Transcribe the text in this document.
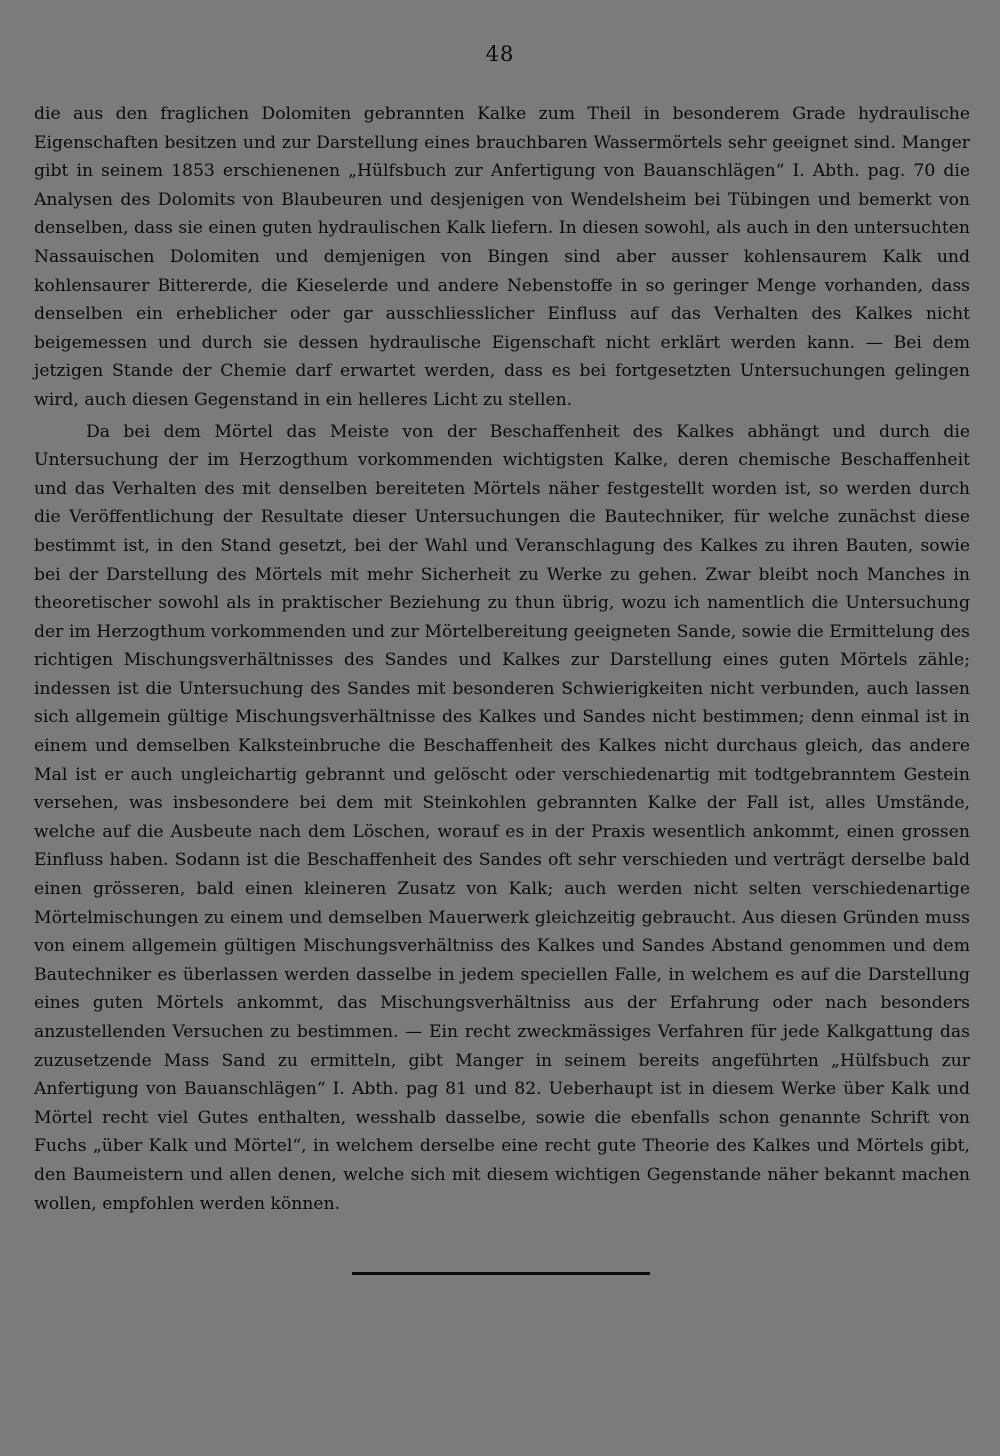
48

die aus den fraglichen Dolomiten gebrannten Kalke zum Theil in besonderem Grade hydraulische Eigenschaften besitzen und zur Darstellung eines brauchbaren Wassermörtels sehr geeignet sind. Manger gibt in seinem 1853 erschienenen „Hülfsbuch zur Anfertigung von Bauanschlägen“ I. Abth. pag. 70 die Analysen des Dolomits von Blaubeuren und desjenigen von Wendelsheim bei Tübingen und bemerkt von denselben, dass sie einen guten hydraulischen Kalk liefern. In diesen sowohl, als auch in den untersuchten Nassauischen Dolomiten und demjenigen von Bingen sind aber ausser kohlensaurem Kalk und kohlensaurer Bittererde, die Kieselerde und andere Nebenstoffe in so geringer Menge vorhanden, dass denselben ein erheblicher oder gar ausschliesslicher Einfluss auf das Verhalten des Kalkes nicht beigemessen und durch sie dessen hydraulische Eigenschaft nicht erklärt werden kann. — Bei dem jetzigen Stande der Chemie darf erwartet werden, dass es bei fortgesetzten Untersuchungen gelingen wird, auch diesen Gegenstand in ein helleres Licht zu stellen.

Da bei dem Mörtel das Meiste von der Beschaffenheit des Kalkes abhängt und durch die Untersuchung der im Herzogthum vorkommenden wichtigsten Kalke, deren chemische Beschaffenheit und das Verhalten des mit denselben bereiteten Mörtels näher festgestellt worden ist, so werden durch die Veröffentlichung der Resultate dieser Untersuchungen die Bautechniker, für welche zunächst diese bestimmt ist, in den Stand gesetzt, bei der Wahl und Veranschlagung des Kalkes zu ihren Bauten, sowie bei der Darstellung des Mörtels mit mehr Sicherheit zu Werke zu gehen. Zwar bleibt noch Manches in theoretischer sowohl als in praktischer Beziehung zu thun übrig, wozu ich namentlich die Untersuchung der im Herzogthum vorkommenden und zur Mörtelbereitung geeigneten Sande, sowie die Ermittelung des richtigen Mischungsverhältnisses des Sandes und Kalkes zur Darstellung eines guten Mörtels zähle; indessen ist die Untersuchung des Sandes mit besonderen Schwierigkeiten nicht verbunden, auch lassen sich allgemein gültige Mischungsverhältnisse des Kalkes und Sandes nicht bestimmen; denn einmal ist in einem und demselben Kalksteinbruche die Beschaffenheit des Kalkes nicht durchaus gleich, das andere Mal ist er auch ungleichartig gebrannt und gelöscht oder verschiedenartig mit todtgebranntem Gestein versehen, was insbesondere bei dem mit Steinkohlen gebrannten Kalke der Fall ist, alles Umstände, welche auf die Ausbeute nach dem Löschen, worauf es in der Praxis wesentlich ankommt, einen grossen Einfluss haben. Sodann ist die Beschaffenheit des Sandes oft sehr verschieden und verträgt derselbe bald einen grösseren, bald einen kleineren Zusatz von Kalk; auch werden nicht selten verschiedenartige Mörtelmischungen zu einem und demselben Mauerwerk gleichzeitig gebraucht. Aus diesen Gründen muss von einem allgemein gültigen Mischungsverhältniss des Kalkes und Sandes Abstand genommen und dem Bautechniker es überlassen werden dasselbe in jedem speciellen Falle, in welchem es auf die Darstellung eines guten Mörtels ankommt, das Mischungsverhältniss aus der Erfahrung oder nach besonders anzustellenden Versuchen zu bestimmen. — Ein recht zweckmässiges Verfahren für jede Kalkgattung das zuzusetzende Mass Sand zu ermitteln, gibt Manger in seinem bereits angeführten „Hülfsbuch zur Anfertigung von Bauanschlägen“ I. Abth. pag 81 und 82. Ueberhaupt ist in diesem Werke über Kalk und Mörtel recht viel Gutes enthalten, wesshalb dasselbe, sowie die ebenfalls schon genannte Schrift von Fuchs „über Kalk und Mörtel“, in welchem derselbe eine recht gute Theorie des Kalkes und Mörtels gibt, den Baumeistern und allen denen, welche sich mit diesem wichtigen Gegenstande näher bekannt machen wollen, empfohlen werden können.
